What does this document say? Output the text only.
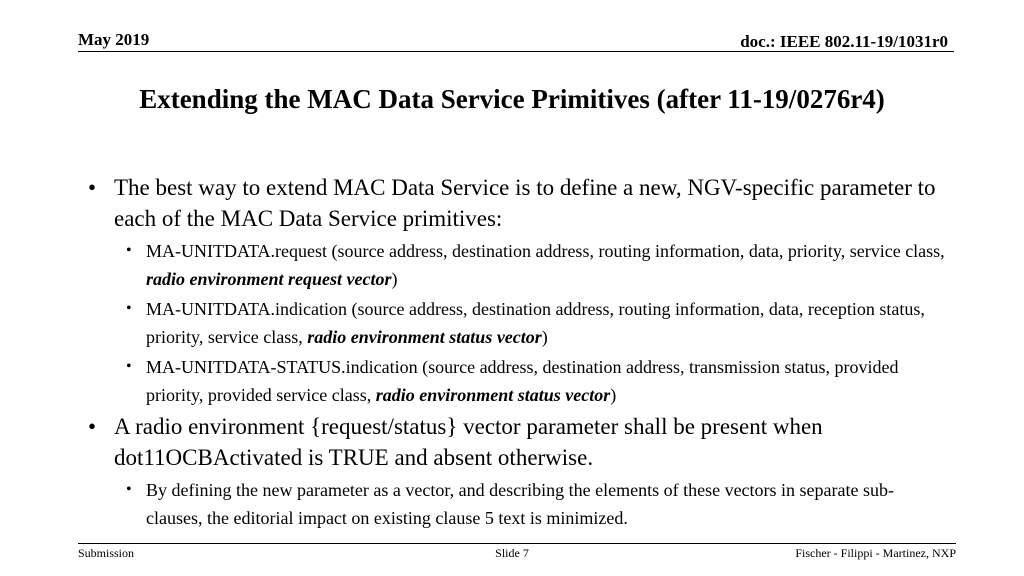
May 2019	doc.: IEEE 802.11-19/1031r0
Extending the MAC Data Service Primitives (after 11-19/0276r4)
• The best way to extend MAC Data Service is to define a new, NGV-specific parameter to each of the MAC Data Service primitives:
• MA-UNITDATA.request (source address, destination address, routing information, data, priority, service class, radio environment request vector)
• MA-UNITDATA.indication (source address, destination address, routing information, data, reception status, priority, service class, radio environment status vector)
• MA-UNITDATA-STATUS.indication (source address, destination address, transmission status, provided priority, provided service class, radio environment status vector)
• A radio environment {request/status} vector parameter shall be present when dot11OCBActivated is TRUE and absent otherwise.
• By defining the new parameter as a vector, and describing the elements of these vectors in separate sub-clauses, the editorial impact on existing clause 5 text is minimized.
Submission	Slide 7	Fischer - Filippi - Martinez, NXP
